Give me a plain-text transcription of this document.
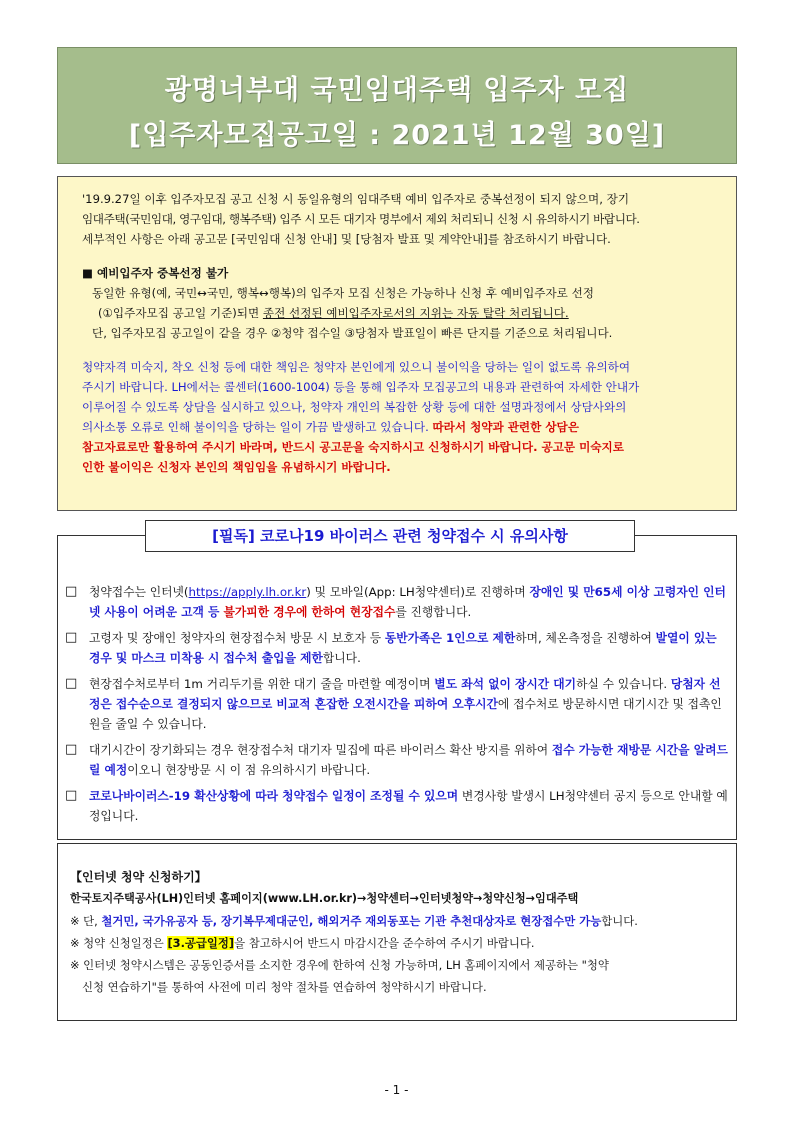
광명너부대 국민임대주택 입주자 모집
[입주자모집공고일 : 2021년 12월 30일]

'19.9.27일 이후 입주자모집 공고 신청 시 동일유형의 임대주택 예비 입주자로 중복선정이 되지 않으며, 장기

임대주택(국민임대, 영구임대, 행복주택) 입주 시 모든 대기자 명부에서 제외 처리되니 신청 시 유의하시기 바랍니다.

세부적인 사항은 아래 공고문 [국민임대 신청 안내] 및 [당첨자 발표 및 계약안내]를 참조하시기 바랍니다.

■ 예비입주자 중복선정 불가

동일한 유형(예, 국민↔국민, 행복↔행복)의 입주자 모집 신청은 가능하나 신청 후 예비입주자로 선정

(①입주자모집 공고일 기준)되면 종전 선정된 예비입주자로서의 지위는 자동 탈락 처리됩니다.

단, 입주자모집 공고일이 같을 경우 ②청약 접수일 ③당첨자 발표일이 빠른 단지를 기준으로 처리됩니다.

청약자격 미숙지, 착오 신청 등에 대한 책임은 청약자 본인에게 있으니 불이익을 당하는 일이 없도록 유의하여

주시기 바랍니다. LH에서는 콜센터(1600-1004) 등을 통해 입주자 모집공고의 내용과 관련하여 자세한 안내가

이루어질 수 있도록 상담을 실시하고 있으나, 청약자 개인의 복잡한 상황 등에 대한 설명과정에서 상담사와의

의사소통 오류로 인해 불이익을 당하는 일이 가끔 발생하고 있습니다. 따라서 청약과 관련한 상담은

참고자료로만 활용하여 주시기 바라며, 반드시 공고문을 숙지하시고 신청하시기 바랍니다. 공고문 미숙지로

인한 불이익은 신청자 본인의 책임임을 유념하시기 바랍니다.

[필독] 코로나19 바이러스 관련 청약접수 시 유의사항
□ 청약접수는 인터넷(https://apply.lh.or.kr) 및 모바일(App: LH청약센터)로 진행하며 장애인 및 만65세 이상 고령자인 인터넷 사용이 어려운 고객 등 불가피한 경우에 한하여 현장접수를 진행합니다.
□ 고령자 및 장애인 청약자의 현장접수처 방문 시 보호자 등 동반가족은 1인으로 제한하며, 체온측정을 진행하여 발열이 있는 경우 및 마스크 미착용 시 접수처 출입을 제한합니다.
□ 현장접수처로부터 1m 거리두기를 위한 대기 줄을 마련할 예정이며 별도 좌석 없이 장시간 대기하실 수 있습니다. 당첨자 선정은 접수순으로 결정되지 않으므로 비교적 혼잡한 오전시간을 피하여 오후시간에 접수처로 방문하시면 대기시간 및 접촉인원을 줄일 수 있습니다.
□ 대기시간이 장기화되는 경우 현장접수처 대기자 밀집에 따른 바이러스 확산 방지를 위하여 접수 가능한 재방문 시간을 알려드릴 예정이오니 현장방문 시 이 점 유의하시기 바랍니다.
□ 코로나바이러스-19 확산상황에 따라 청약접수 일정이 조정될 수 있으며 변경사항 발생시 LH청약센터 공지 등으로 안내할 예정입니다.

【인터넷 청약 신청하기】

한국토지주택공사(LH)인터넷 홈페이지(www.LH.or.kr)→청약센터→인터넷청약→청약신청→임대주택

※ 단, 철거민, 국가유공자 등, 장기복무제대군인, 해외거주 재외동포는 기관 추천대상자로 현장접수만 가능합니다.

※ 청약 신청일정은 [3.공급일정]을 참고하시어 반드시 마감시간을 준수하여 주시기 바랍니다.

※ 인터넷 청약시스템은 공동인증서를 소지한 경우에 한하여 신청 가능하며, LH 홈페이지에서 제공하는 "청약

신청 연습하기"를 통하여 사전에 미리 청약 절차를 연습하여 청약하시기 바랍니다.

- 1 -
